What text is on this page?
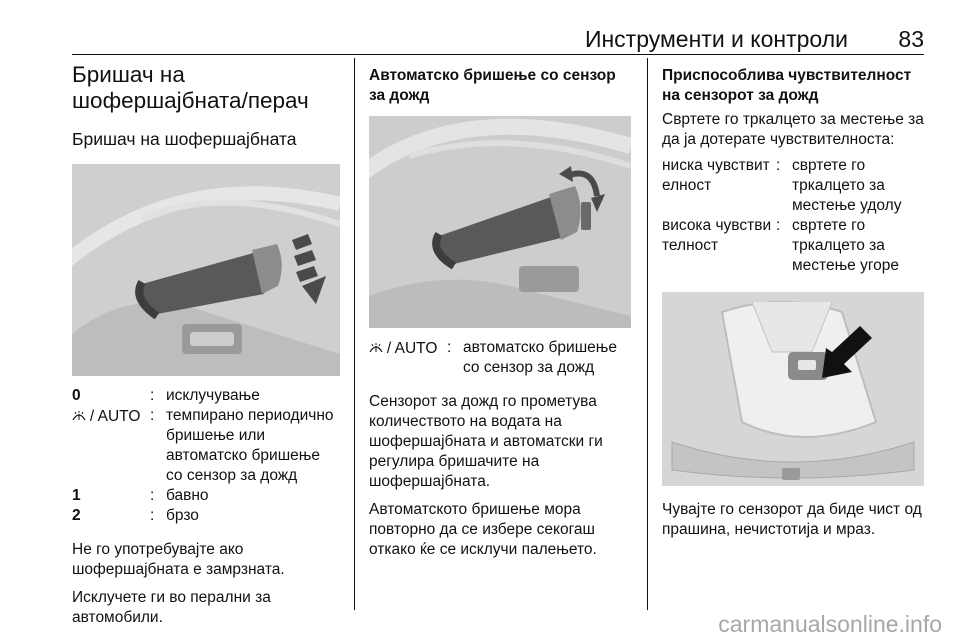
Инструменти и контроли 83
Бришач на шофершајбната/перач
Бришач на шофершајбната
0	: исклучување
/ AUTO : темпирано периодично бришење или автоматско бришење со сензор за дожд
1	: бавно
2	: брзо
Не го употребувајте ако шофершајбната е замрзната.
Исклучете ги во перални за автомобили.
Автоматско бришење со сензор за дожд
/ AUTO : автоматско бришење со сензор за дожд
Сензорот за дожд го прометува количеството на водата на шофершајбната и автоматски ги регулира бришачите на шофершајбната.
Автоматското бришење мора повторно да се избере секогаш откако ќе се исклучи палењето.
Приспособлива чувствителност на сензорот за дожд
Свртете го тркалцето за местење за да ја дотерате чувствителноста:
ниска чувствителност
: свртете го тркалцето за местење удолу
висока чувствителност
: свртете го тркалцето за местење угоре
Чувајте го сензорот да биде чист од прашина, нечистотија и мраз.
carmanualsonline.info
